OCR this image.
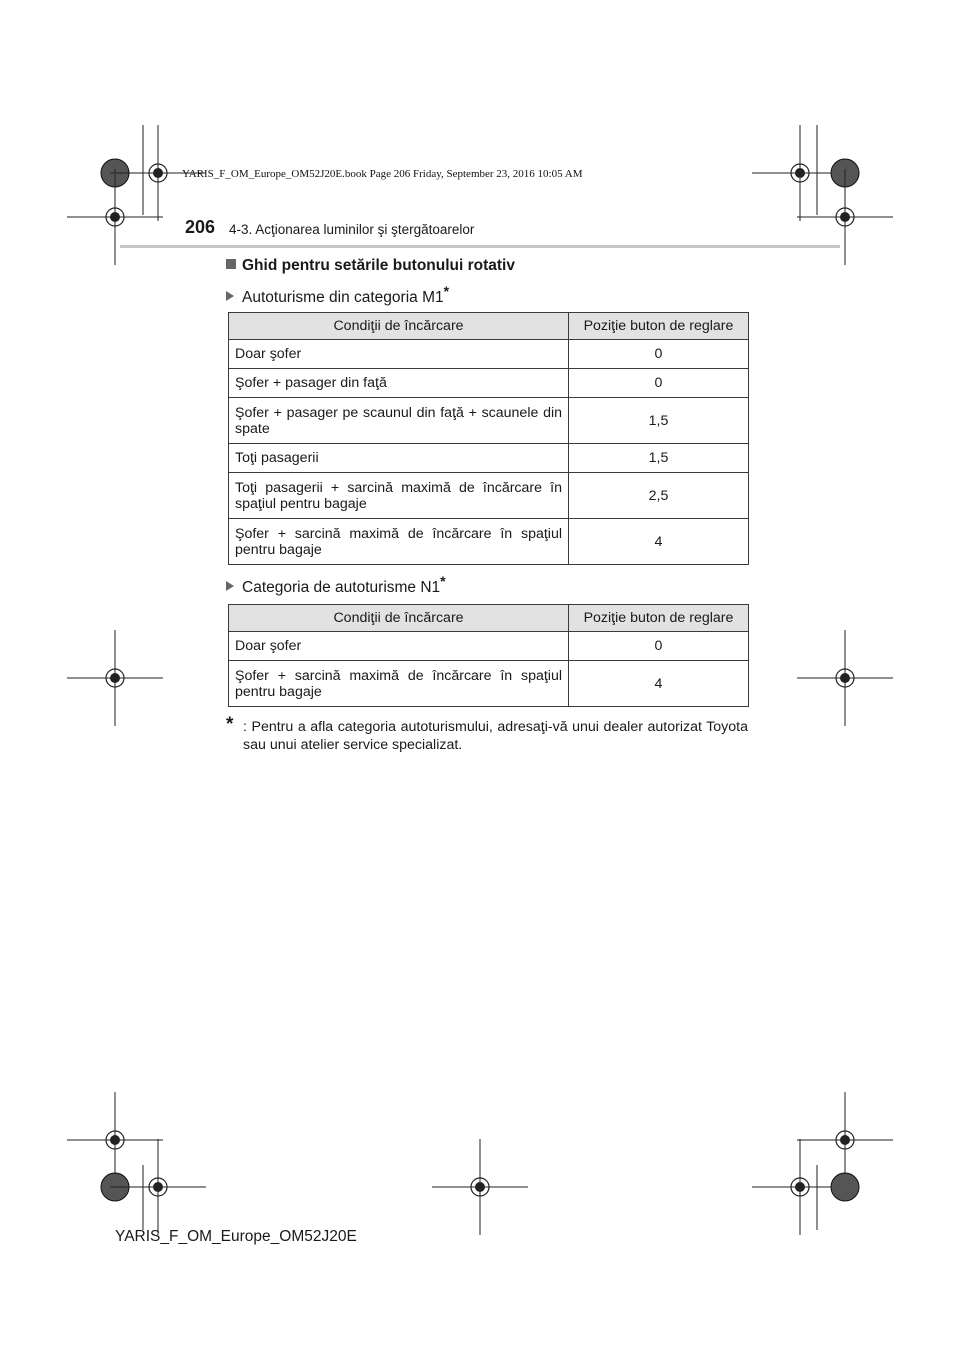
YARIS_F_OM_Europe_OM52J20E.book Page 206 Friday, September 23, 2016 10:05 AM
206 4-3. Acţionarea luminilor şi ştergătoarelor
Ghid pentru setările butonului rotativ
Autoturisme din categoria M1*
Condiţii de încărcare	Poziţie buton de reglare
Doar şofer	0
Şofer + pasager din faţă	0
Şofer + pasager pe scaunul din faţă + scaunele din spate	1,5
Toţi pasagerii	1,5
Toţi pasagerii + sarcină maximă de încărcare în spaţiul pentru bagaje	2,5
Şofer + sarcină maximă de încărcare în spaţiul pentru bagaje	4
Categoria de autoturisme N1*
Condiţii de încărcare	Poziţie buton de reglare
Doar şofer	0
Şofer + sarcină maximă de încărcare în spaţiul pentru bagaje	4
* : Pentru a afla categoria autoturismului, adresaţi-vă unui dealer autorizat Toyota sau unui atelier service specializat.
YARIS_F_OM_Europe_OM52J20E
